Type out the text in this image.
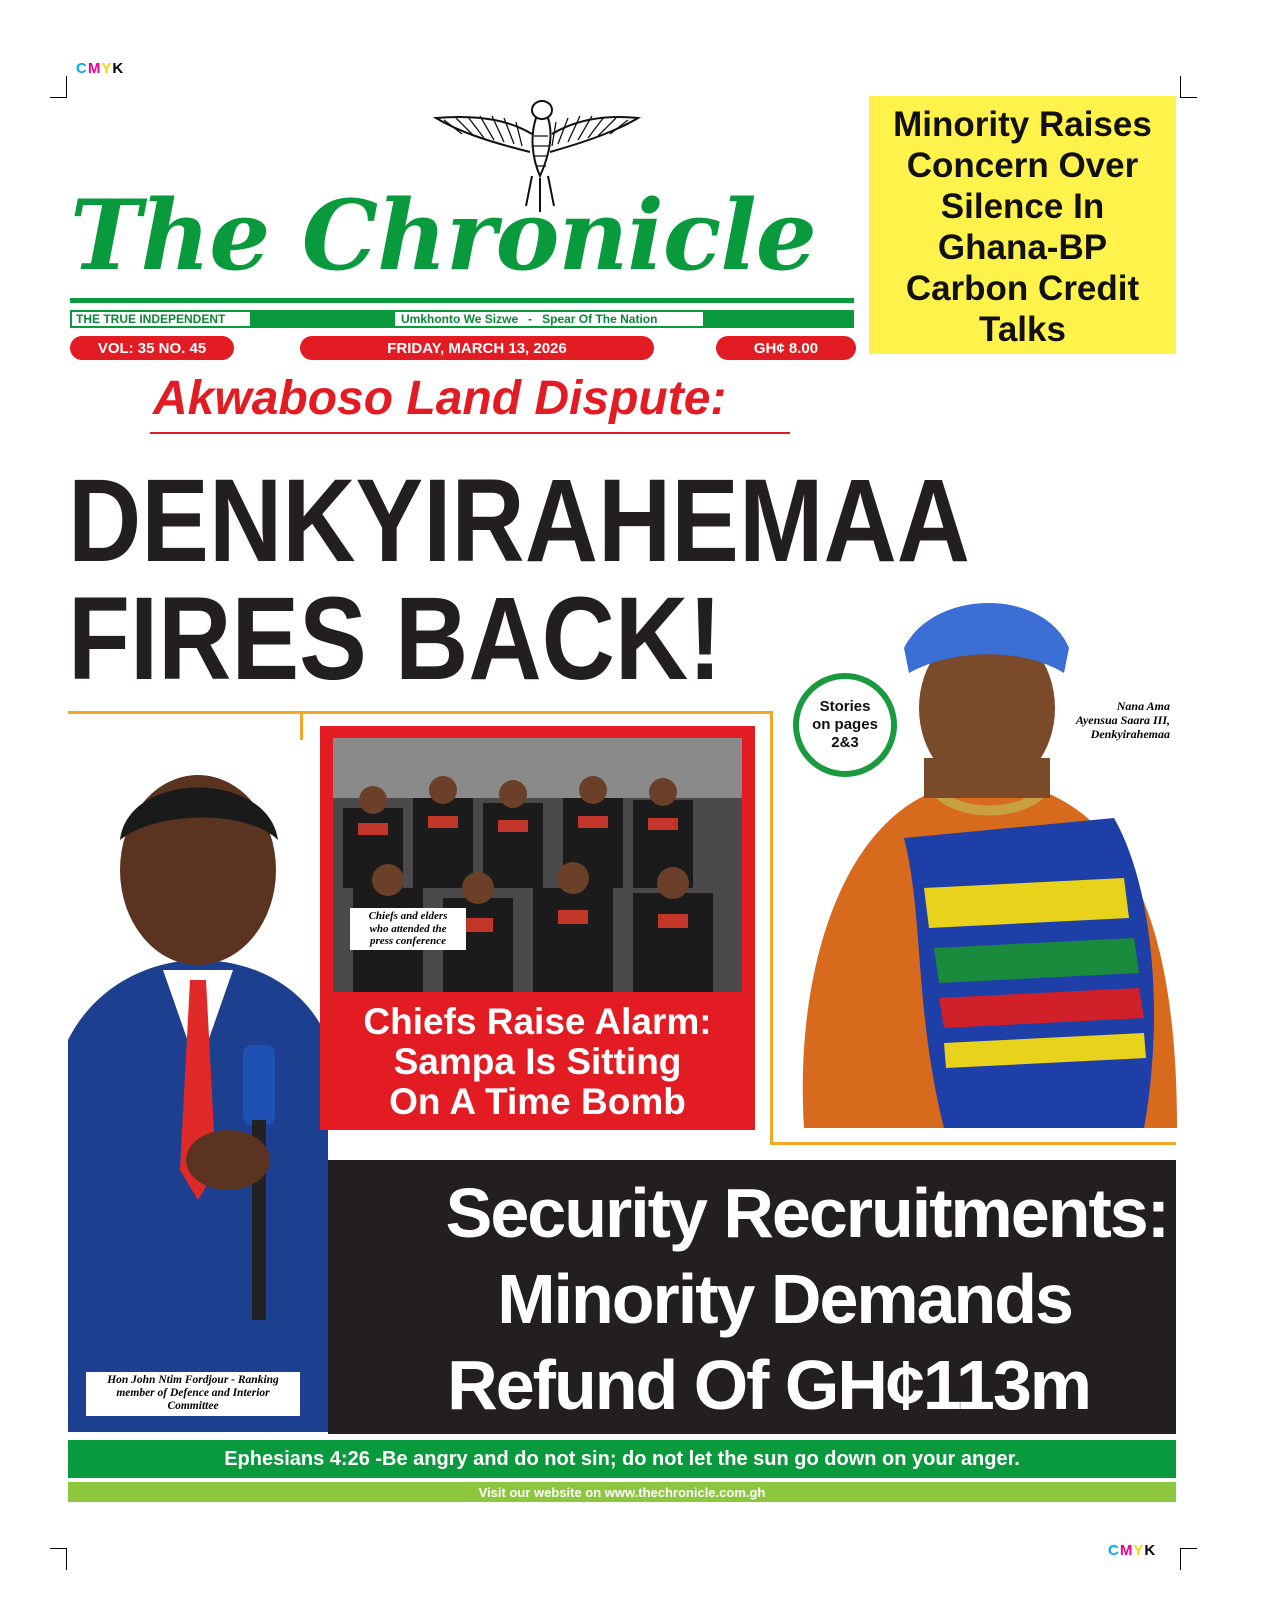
CMYK
CMYK
The Chronicle
THE TRUE INDEPENDENT	Umkhonto We Sizwe   -   Spear Of The Nation
VOL: 35 NO. 45	FRIDAY, MARCH 13, 2026	GH¢ 8.00
Minority Raises Concern Over Silence In Ghana-BP Carbon Credit Talks
Akwaboso Land Dispute:
DENKYIRAHEMAA
FIRES BACK!
Stories
on pages
2&3
Nana Ama
Ayensua Saara III,
Denkyirahemaa
Hon John Ntim Fordjour - Ranking
member of Defence and Interior
Committee
Chiefs and elders
who attended the
press conference
Chiefs Raise Alarm:
Sampa Is Sitting
On A Time Bomb
Security Recruitments:
Minority Demands
Refund Of GH¢113m
Ephesians 4:26 -Be angry and do not sin; do not let the sun go down on your anger.
Visit our website on www.thechronicle.com.gh
